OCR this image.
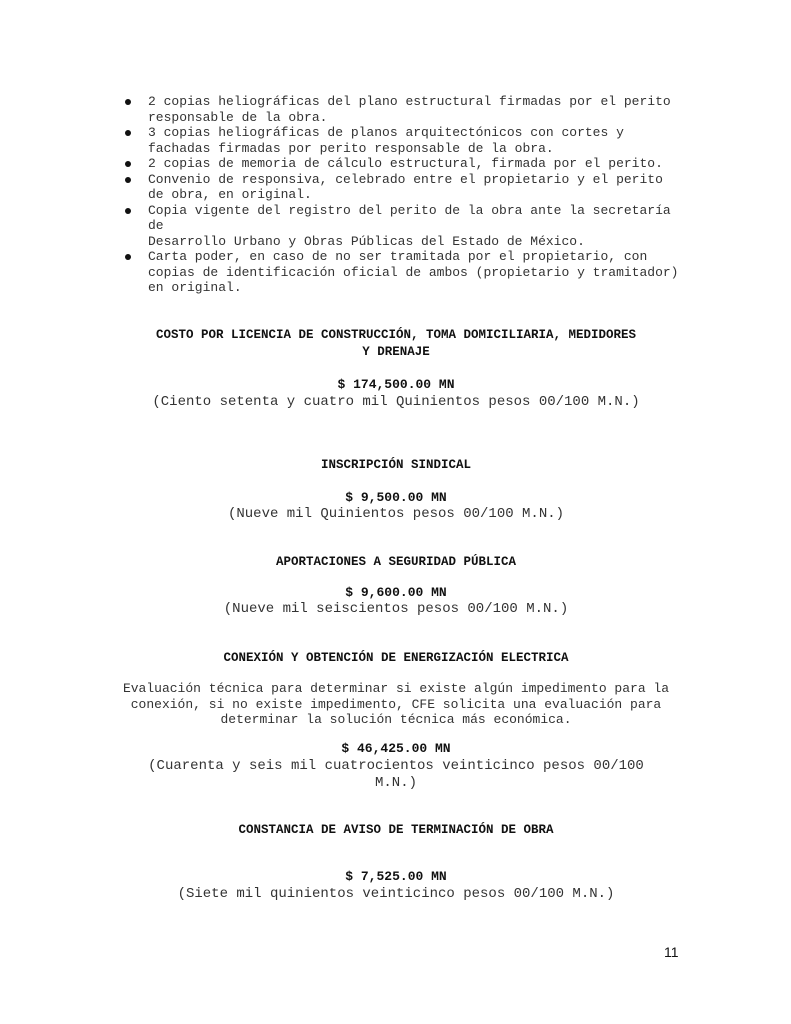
2 copias heliográficas del plano estructural firmadas por el perito
responsable de la obra.
3 copias heliográficas de planos arquitectónicos con cortes y
fachadas firmadas por perito responsable de la obra.
2 copias de memoria de cálculo estructural, firmada por el perito.
Convenio de responsiva, celebrado entre el propietario y el perito
de obra, en original.
Copia vigente del registro del perito de la obra ante la secretaría
de
Desarrollo Urbano y Obras Públicas del Estado de México.
Carta poder, en caso de no ser tramitada por el propietario, con
copias de identificación oficial de ambos (propietario y tramitador)
en original.
COSTO POR LICENCIA DE CONSTRUCCIÓN, TOMA DOMICILIARIA, MEDIDORES
Y DRENAJE
$ 174,500.00 MN
(Ciento setenta y cuatro mil Quinientos pesos 00/100 M.N.)
INSCRIPCIÓN SINDICAL
$ 9,500.00 MN
(Nueve mil Quinientos pesos 00/100 M.N.)
APORTACIONES A SEGURIDAD PÚBLICA
$ 9,600.00 MN
(Nueve mil seiscientos pesos 00/100 M.N.)
CONEXIÓN Y OBTENCIÓN DE ENERGIZACIÓN ELECTRICA
Evaluación técnica para determinar si existe algún impedimento para la
conexión, si no existe impedimento, CFE solicita una evaluación para
determinar la solución técnica más económica.
$ 46,425.00 MN
(Cuarenta y seis mil cuatrocientos veinticinco pesos 00/100
M.N.)
CONSTANCIA DE AVISO DE TERMINACIÓN DE OBRA
$ 7,525.00 MN
(Siete mil quinientos veinticinco pesos 00/100 M.N.)
11
